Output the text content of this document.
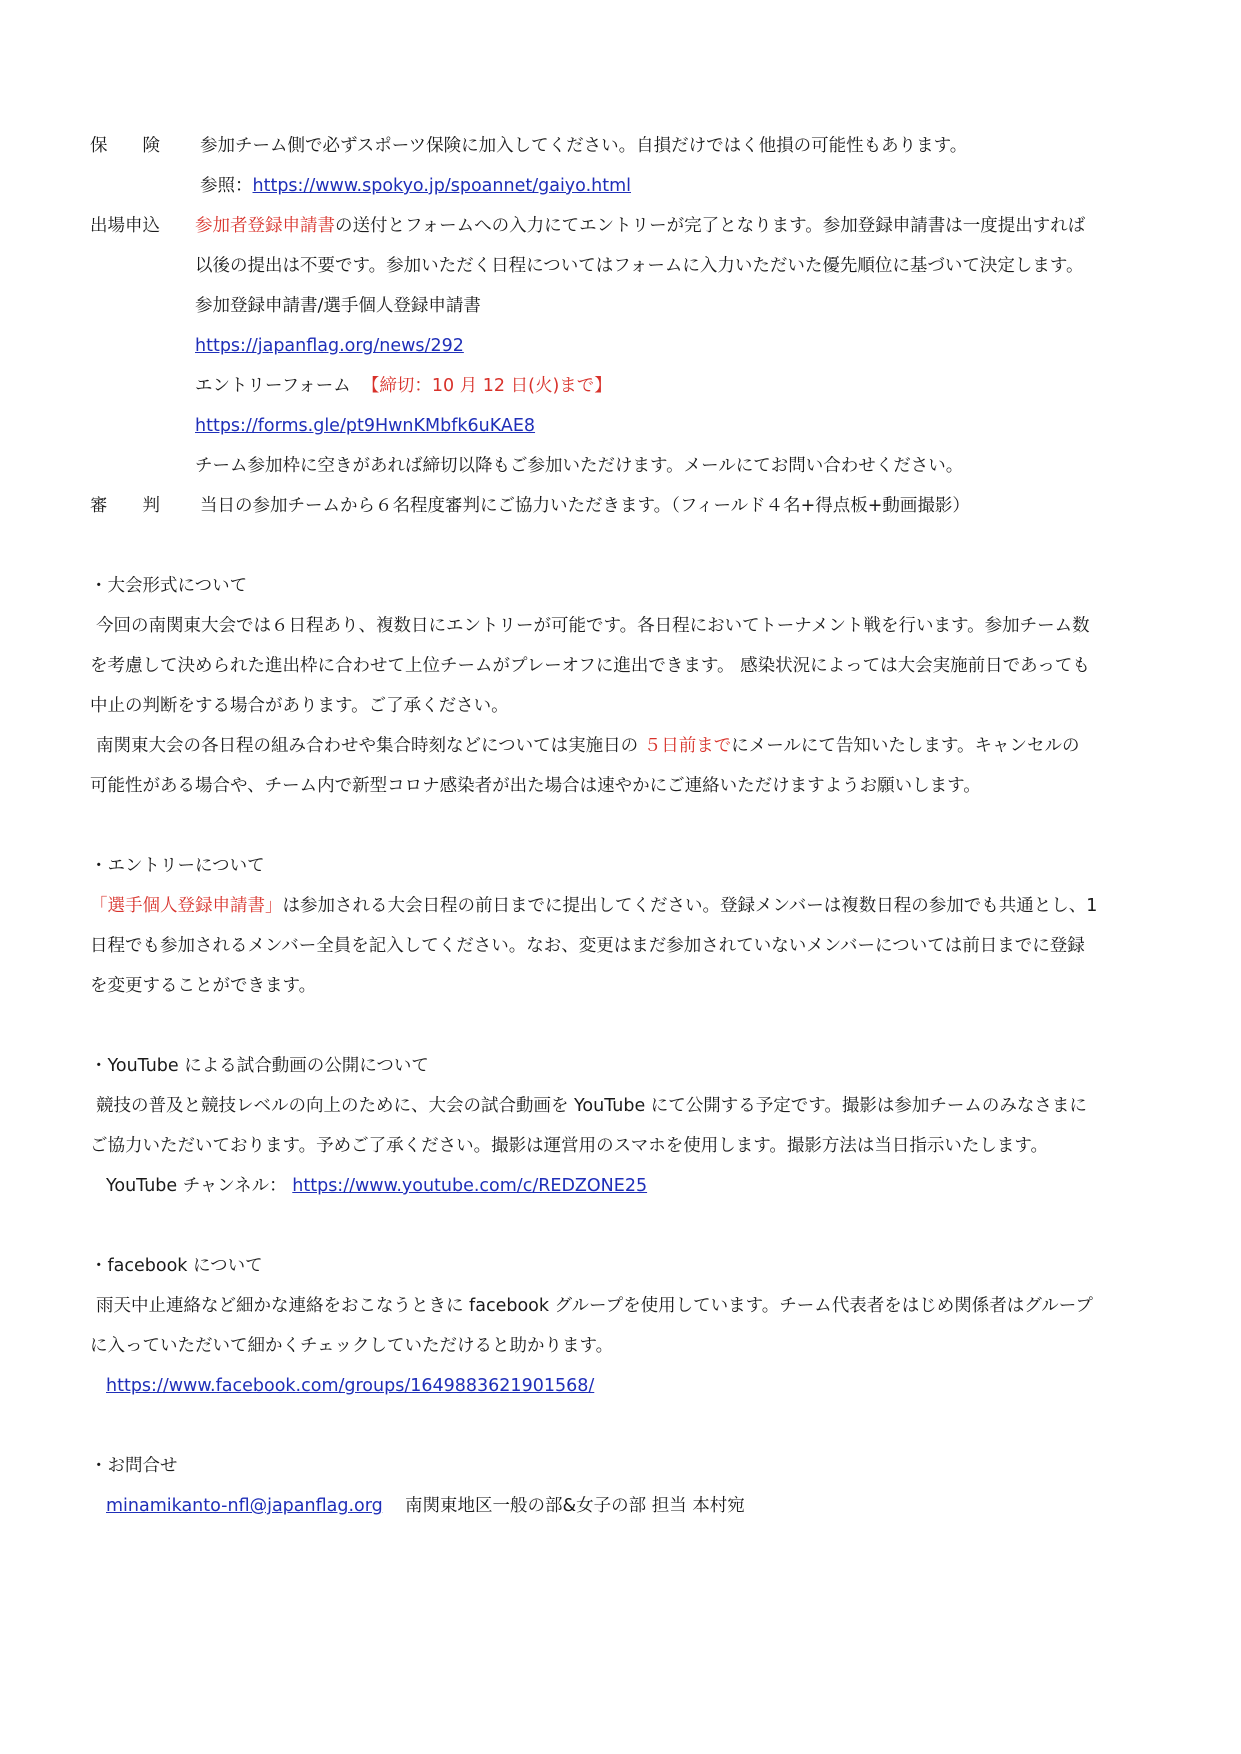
保　　険 参加チーム側で必ずスポーツ保険に加入してください。自損だけではく他損の可能性もあります。
参照：https://www.spokyo.jp/spoannet/gaiyo.html
出場申込 参加者登録申請書の送付とフォームへの入力にてエントリーが完了となります。参加登録申請書は一度提出すれば
以後の提出は不要です。参加いただく日程についてはフォームに入力いただいた優先順位に基づいて決定します。
参加登録申請書/選手個人登録申請書
https://japanflag.org/news/292
エントリーフォーム 【締切：10 月 12 日(火)まで】
https://forms.gle/pt9HwnKMbfk6uKAE8
チーム参加枠に空きがあれば締切以降もご参加いただけます。メールにてお問い合わせください。
審　　判 当日の参加チームから６名程度審判にご協力いただきます。（フィールド４名+得点板+動画撮影）
・大会形式について
今回の南関東大会では６日程あり、複数日にエントリーが可能です。各日程においてトーナメント戦を行います。参加チーム数
を考慮して決められた進出枠に合わせて上位チームがプレーオフに進出できます。 感染状況によっては大会実施前日であっても
中止の判断をする場合があります。ご了承ください。
南関東大会の各日程の組み合わせや集合時刻などについては実施日の ５日前までにメールにて告知いたします。キャンセルの
可能性がある場合や、チーム内で新型コロナ感染者が出た場合は速やかにご連絡いただけますようお願いします。
・エントリーについて
「選手個人登録申請書」は参加される大会日程の前日までに提出してください。登録メンバーは複数日程の参加でも共通とし、1
日程でも参加されるメンバー全員を記入してください。なお、変更はまだ参加されていないメンバーについては前日までに登録
を変更することができます。
・YouTube による試合動画の公開について
競技の普及と競技レベルの向上のために、大会の試合動画を YouTube にて公開する予定です。撮影は参加チームのみなさまに
ご協力いただいております。予めご了承ください。撮影は運営用のスマホを使用します。撮影方法は当日指示いたします。
YouTube チャンネル： https://www.youtube.com/c/REDZONE25
・facebook について
雨天中止連絡など細かな連絡をおこなうときに facebook グループを使用しています。チーム代表者をはじめ関係者はグループ
に入っていただいて細かくチェックしていただけると助かります。
https://www.facebook.com/groups/1649883621901568/
・お問合せ
minamikanto-nfl@japanflag.org 南関東地区一般の部&女子の部 担当 本村宛
